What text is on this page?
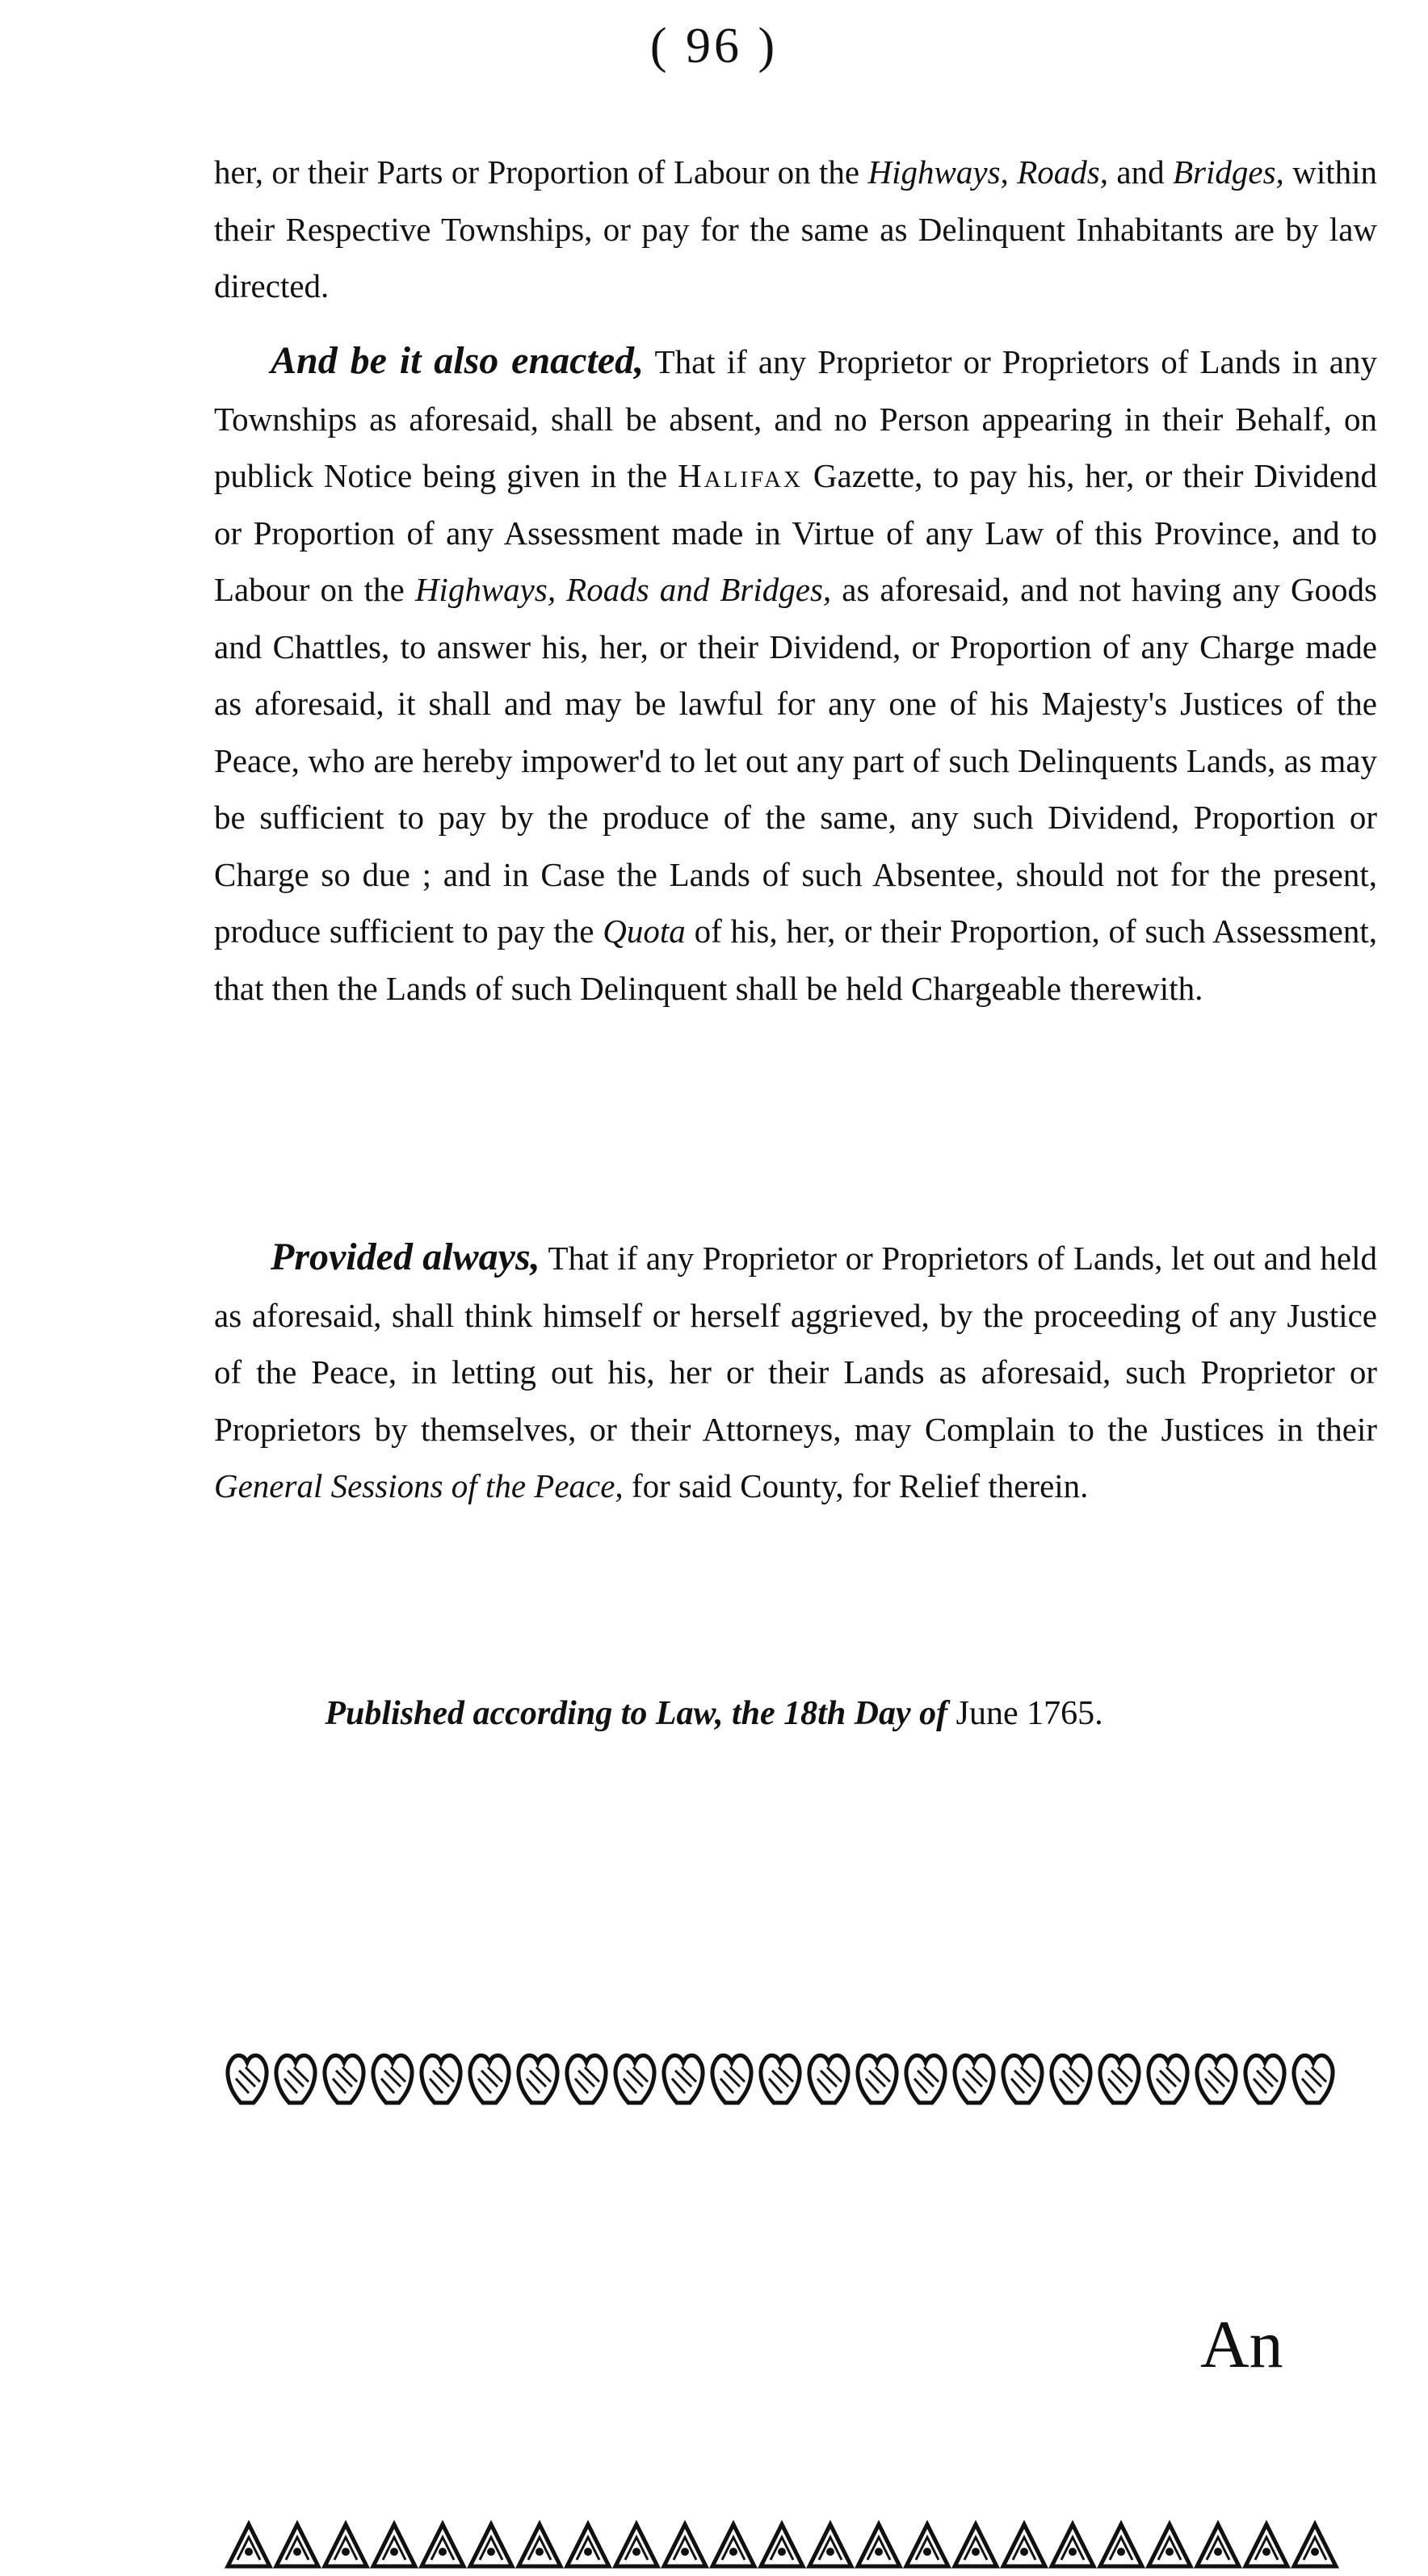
( 96 )

her, or their Parts or Proportion of Labour on the Highways, Roads, and Bridges, within their Respective Townships, or pay for the same as Delinquent Inhabitants are by law directed.

And be it also enacted, That if any Proprietor or Proprietors of Lands in any Townships as aforesaid, shall be absent, and no Person appearing in their Behalf, on publick Notice being given in the Halifax Gazette, to pay his, her, or their Dividend or Proportion of any Assessment made in Virtue of any Law of this Province, and to Labour on the Highways, Roads and Bridges, as aforesaid, and not having any Goods and Chattles, to answer his, her, or their Dividend, or Proportion of any Charge made as aforesaid, it shall and may be lawful for any one of his Majesty's Justices of the Peace, who are hereby impower'd to let out any part of such Delinquents Lands, as may be sufficient to pay by the produce of the same, any such Dividend, Proportion or Charge so due ; and in Case the Lands of such Absentee, should not for the present, produce sufficient to pay the Quota of his, her, or their Proportion, of such Assessment, that then the Lands of such Delinquent shall be held Chargeable therewith.

Provided always, That if any Proprietor or Proprietors of Lands, let out and held as aforesaid, shall think himself or herself aggrieved, by the proceeding of any Justice of the Peace, in letting out his, her or their Lands as aforesaid, such Proprietor or Proprietors by themselves, or their Attorneys, may Complain to the Justices in their General Sessions of the Peace, for said County, for Relief therein.

Published according to Law, the 18th Day of June 1765.
An
